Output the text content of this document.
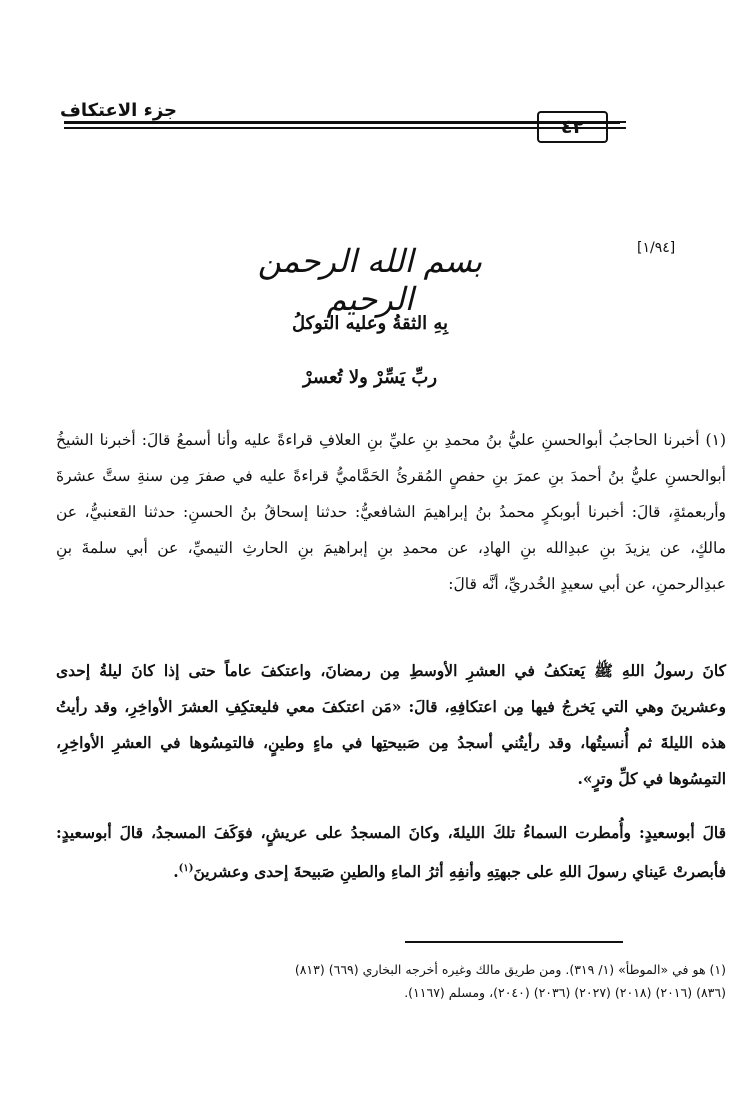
جزء الاعتكاف
٤٢
[١/٩٤]
بسم الله الرحمن الرحيم
بِهِ الثقةُ وعليه التوكلُ
ربِّ يَسِّرْ ولا تُعسرْ
(١) أخبرنا الحاجبُ أبوالحسنِ عليُّ بنُ محمدِ بنِ عليِّ بنِ العلافِ قراءةً عليه وأنا أسمعُ قالَ: أخبرنا الشيخُ أبوالحسنِ عليُّ بنُ أحمدَ بنِ عمرَ بنِ حفصٍ المُقرئُ الحَمَّاميُّ قراءةً عليه في صفرَ مِن سنةِ ستَّ عشرةَ وأربعمئةٍ، قالَ: أخبرنا أبوبكرٍ محمدُ بنُ إبراهيمَ الشافعيُّ: حدثنا إسحاقُ بنُ الحسنِ: حدثنا القعنبيُّ، عن مالكٍ، عن يزيدَ بنِ عبدِالله بنِ الهادِ، عن محمدِ بنِ إبراهيمَ بنِ الحارثِ التيميِّ، عن أبي سلمةَ بنِ عبدِالرحمنِ، عن أبي سعيدٍ الخُدريِّ، أنَّه قالَ:
كانَ رسولُ اللهِ ﷺ يَعتكفُ في العشرِ الأوسطِ مِن رمضانَ، واعتكفَ عاماً حتى إذا كانَ ليلةُ إحدى وعشرينَ وهي التي يَخرجُ فيها مِن اعتكافِهِ، قالَ: «مَن اعتكفَ معي فليعتكِفِ العشرَ الأواخِرِ، وقد رأيتُ هذه الليلةَ ثم أُنسيتُها، وقد رأيتُني أسجدُ مِن صَبيحتِها في ماءٍ وطينٍ، فالتمِسُوها في العشرِ الأواخِرِ، التمِسُوها في كلِّ وترٍ».
قالَ أبوسعيدٍ: وأُمطرت السماءُ تلكَ الليلةَ، وكانَ المسجدُ على عريشٍ، فوَكَفَ المسجدُ، قالَ أبوسعيدٍ: فأبصرتْ عَيناي رسولَ اللهِ على جبهتِهِ وأنفِهِ أثرُ الماءِ والطينِ صَبيحةَ إحدى وعشرينَ$^{(١)}$.
(١) هو في «الموطأ» (١/ ٣١٩). ومن طريق مالك وغيره أخرجه البخاري (٦٦٩) (٨١٣)
(٨٣٦) (٢٠١٦) (٢٠١٨) (٢٠٢٧) (٢٠٣٦) (٢٠٤٠)، ومسلم (١١٦٧).
